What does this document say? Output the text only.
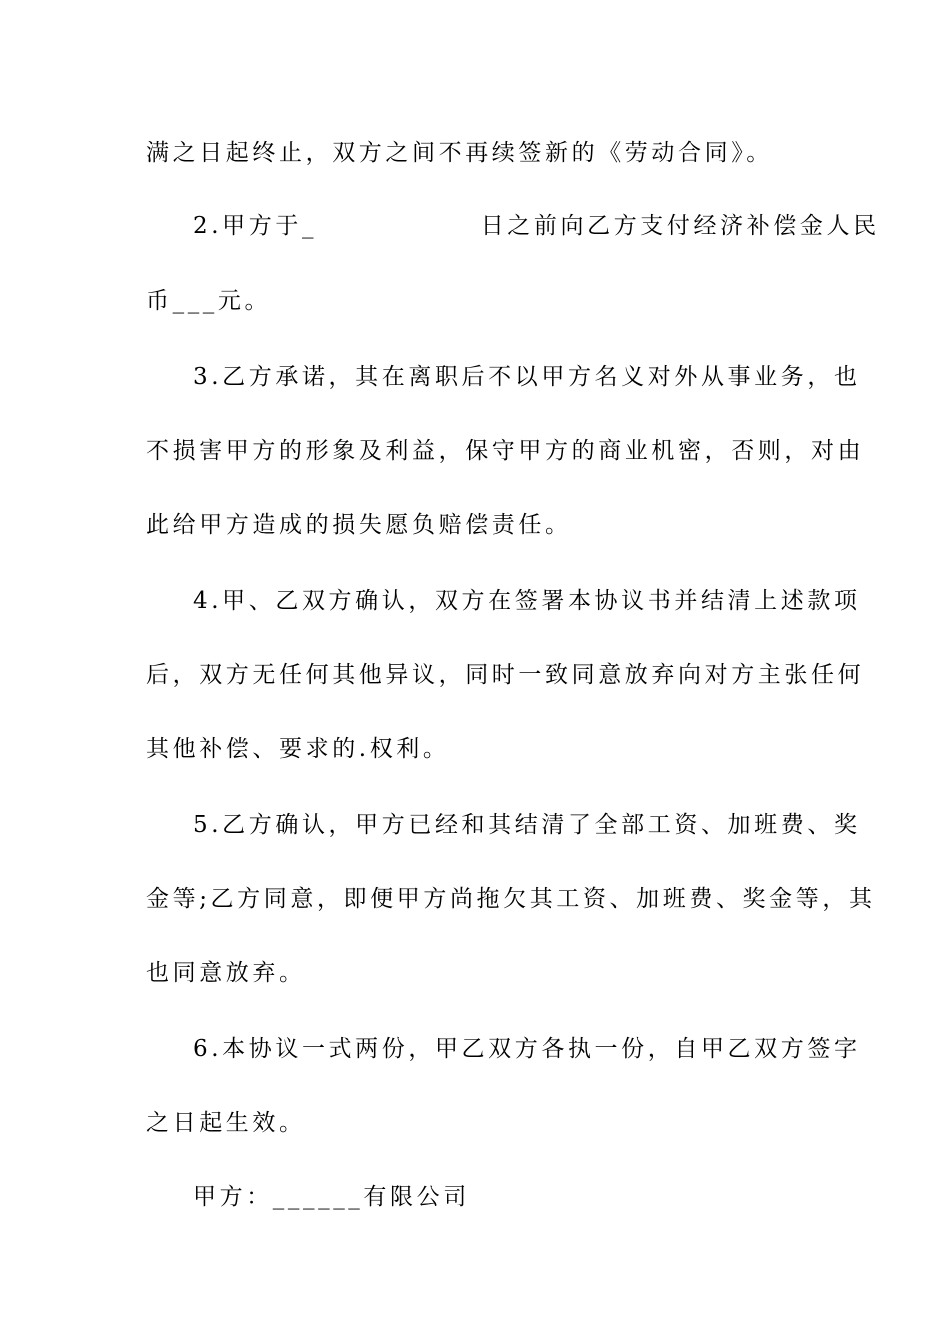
满之日起终止，双方之间不再续签新的《劳动合同》。
2.甲方于_               日之前向乙方支付经济补偿金人民
币___元。
3.乙方承诺，其在离职后不以甲方名义对外从事业务，也
不损害甲方的形象及利益，保守甲方的商业机密，否则，对由
此给甲方造成的损失愿负赔偿责任。
4.甲、乙双方确认，双方在签署本协议书并结清上述款项
后，双方无任何其他异议，同时一致同意放弃向对方主张任何
其他补偿、要求的.权利。
5.乙方确认，甲方已经和其结清了全部工资、加班费、奖
金等;乙方同意，即便甲方尚拖欠其工资、加班费、奖金等，其
也同意放弃。
6.本协议一式两份，甲乙双方各执一份，自甲乙双方签字
之日起生效。
甲方：______有限公司
